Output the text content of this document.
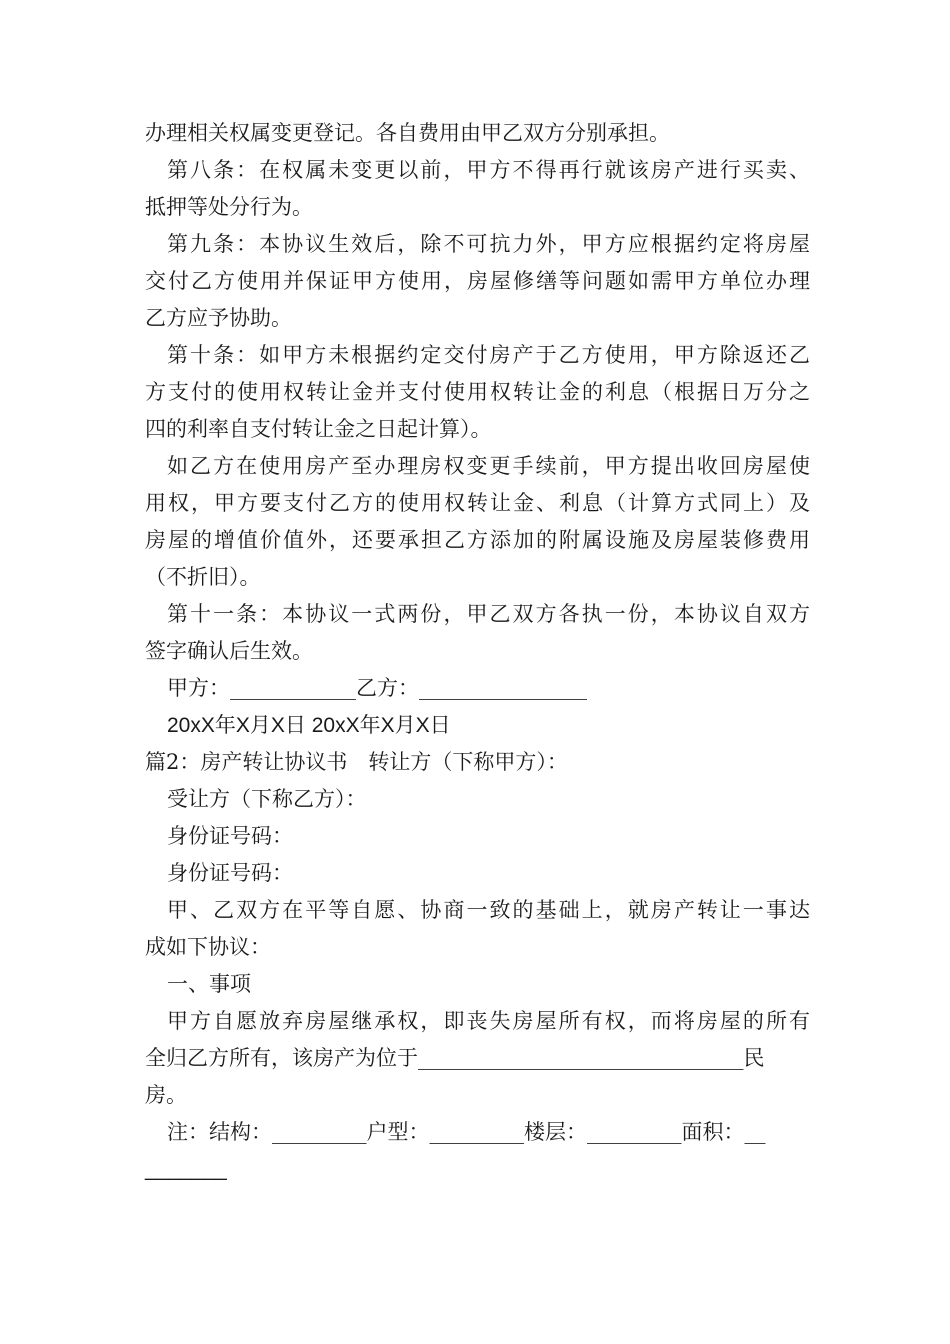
办理相关权属变更登记。各自费用由甲乙双方分别承担。
第八条：在权属未变更以前，甲方不得再行就该房产进行买卖、
抵押等处分行为。
第九条：本协议生效后，除不可抗力外，甲方应根据约定将房屋
交付乙方使用并保证甲方使用，房屋修缮等问题如需甲方单位办理
乙方应予协助。
第十条：如甲方未根据约定交付房产于乙方使用，甲方除返还乙
方支付的使用权转让金并支付使用权转让金的利息（根据日万分之
四的利率自支付转让金之日起计算）。
如乙方在使用房产至办理房权变更手续前，甲方提出收回房屋使
用权，甲方要支付乙方的使用权转让金、利息（计算方式同上）及
房屋的增值价值外，还要承担乙方添加的附属设施及房屋装修费用
（不折旧）。
第十一条：本协议一式两份，甲乙双方各执一份，本协议自双方
签字确认后生效。
甲方：____________乙方：________________
20xX年X月X日 20xX年X月X日
篇2：房产转让协议书　转让方（下称甲方）：
受让方（下称乙方）：
身份证号码：
身份证号码：
甲、乙双方在平等自愿、协商一致的基础上，就房产转让一事达
成如下协议：
一、事项
甲方自愿放弃房屋继承权，即丧失房屋所有权，而将房屋的所有
全归乙方所有，该房产为位于_______________________________民
房。
注：结构：_________户型：_________楼层：_________面积：__
_______
